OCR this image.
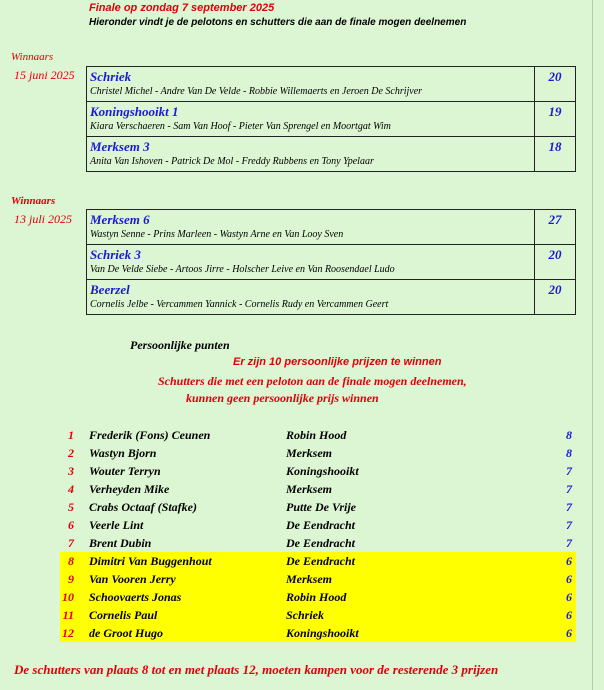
Finale op zondag 7 september 2025
Hieronder vindt je de pelotons en schutters die aan de finale mogen deelnemen
Winnaars
15 juni 2025 Schriek
Christel Michel - Andre Van De Velde - Robbie Willemaerts en Jeroen De Schrijver	20

Koningshooikt 1
Kiara Verschaeren - Sam Van Hoof - Pieter Van Sprengel en Moortgat Wim	19

Merksem 3
Anita Van Ishoven - Patrick De Mol - Freddy Rubbens en Tony Ypelaar	18
Winnaars
13 juli 2025 Merksem 6
Wastyn Senne - Prins Marleen - Wastyn Arne en Van Looy Sven	27

Schriek 3
Van De Velde Siebe - Artoos Jirre - Holscher Leive en Van Roosendael Ludo	20

Beerzel
Cornelis Jelbe - Vercammen Yannick - Cornelis Rudy en Vercammen Geert	20
Persoonlijke punten
Er zijn 10 persoonlijke prijzen te winnen
Schutters die met een peloton aan de finale mogen deelnemen,
kunnen geen persoonlijke prijs winnen
1 Frederik (Fons) Ceunen	Robin Hood	8
2 Wastyn Bjorn	Merksem	8
3 Wouter Terryn	Koningshooikt	7
4 Verheyden Mike	Merksem	7
5 Crabs Octaaf (Stafke)	Putte De Vrije	7
6 Veerle Lint	De Eendracht	7
7 Brent Dubin	De Eendracht	7
8 Dimitri Van Buggenhout	De Eendracht	6
9 Van Vooren Jerry	Merksem	6
10 Schoovaerts Jonas	Robin Hood	6
11 Cornelis Paul	Schriek	6
12 de Groot Hugo	Koningshooikt	6
De schutters van plaats 8 tot en met plaats 12, moeten kampen voor de resterende 3 prijzen
